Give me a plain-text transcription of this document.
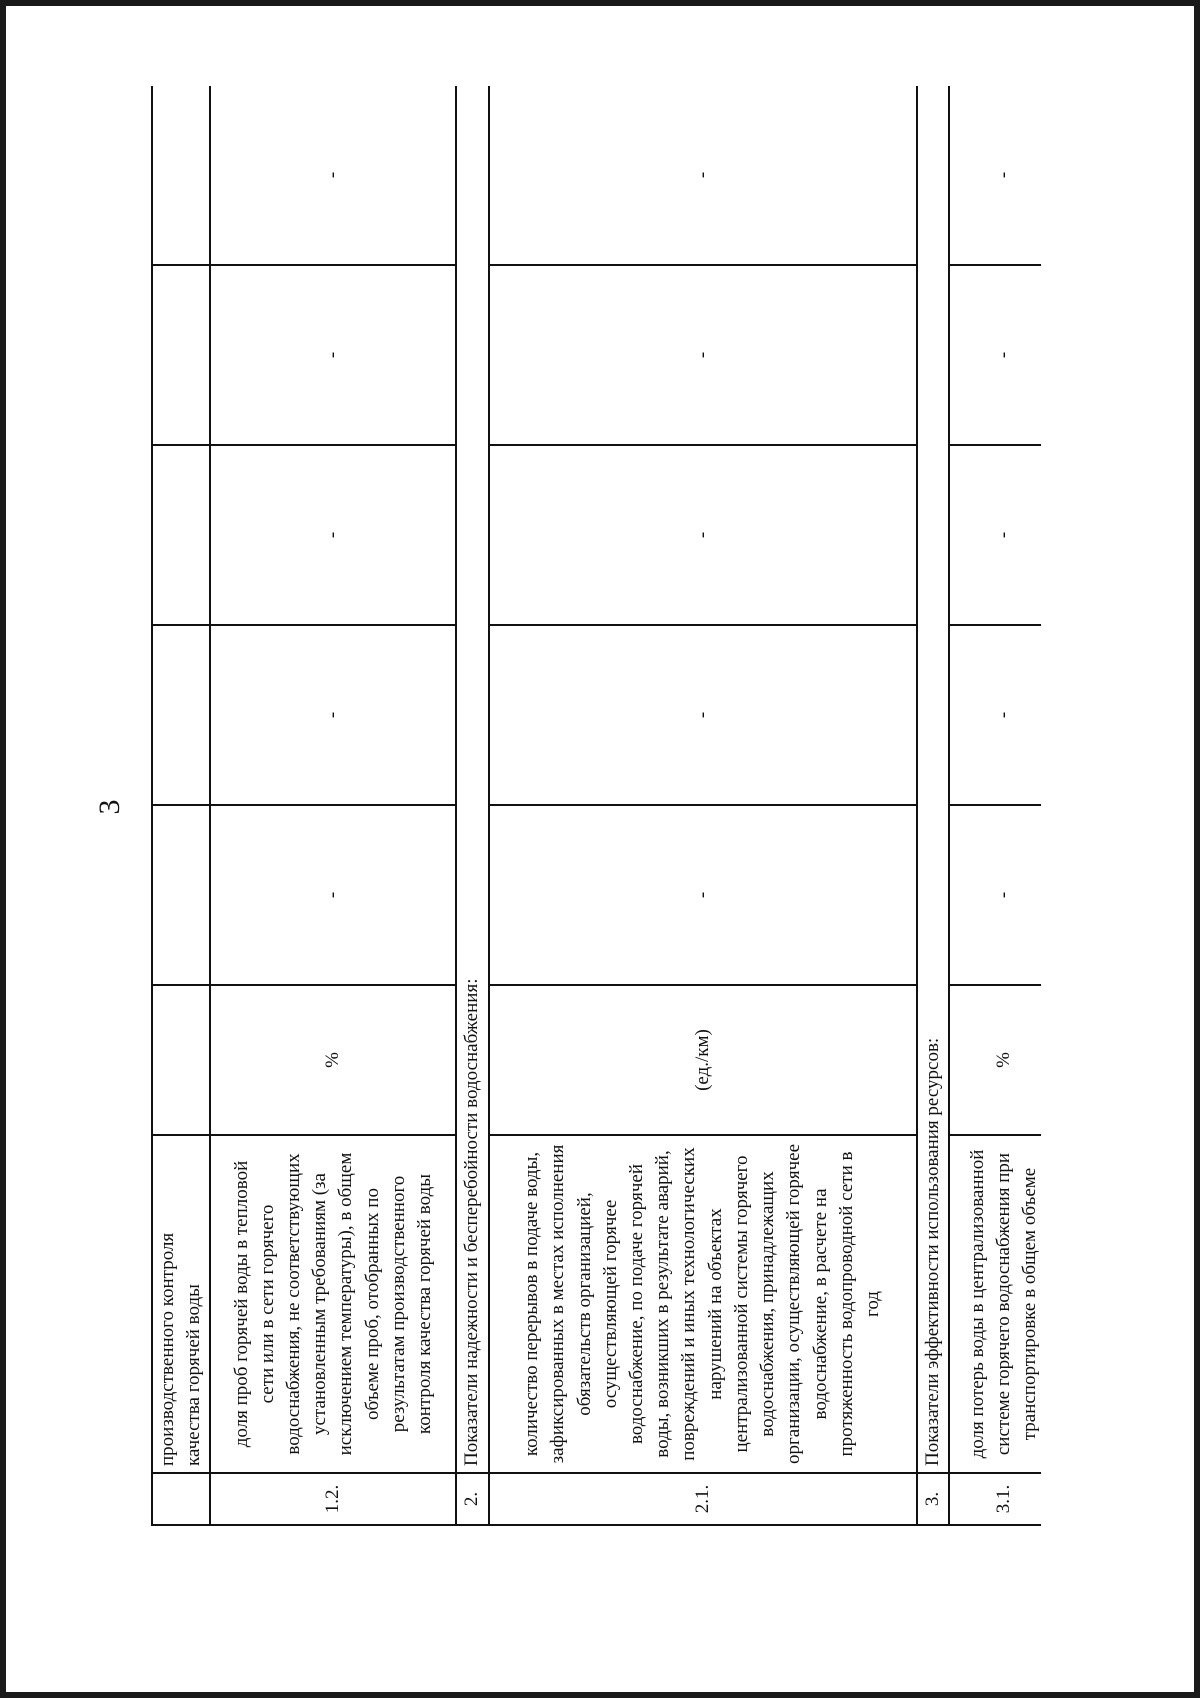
3

	производственного контроля качества горячей воды						

1.2.	доля проб горячей воды в тепловой сети или в сети горячего водоснабжения, не соответствующих установленным требованиям (за исключением температуры), в общем объеме проб, отобранных по результатам производственного контроля качества горячей воды	%	-	-	-	-	-
2.	Показатели надежности и бесперебойности водоснабжения:						
2.1.	количество перерывов в подаче воды, зафиксированных в местах исполнения обязательств организацией, осуществляющей горячее водоснабжение, по подаче горячей воды, возникших в результате аварий, повреждений и иных технологических нарушений на объектах централизованной системы горячего водоснабжения, принадлежащих организации, осуществляющей горячее водоснабжение, в расчете на протяженность водопроводной сети в год	(ед./км)	-	-	-	-	-
3.	Показатели эффективности использования ресурсов:						
3.1.	доля потерь воды в централизованной системе горячего водоснабжения при транспортировке в общем объеме	%	-	-	-	-	-
